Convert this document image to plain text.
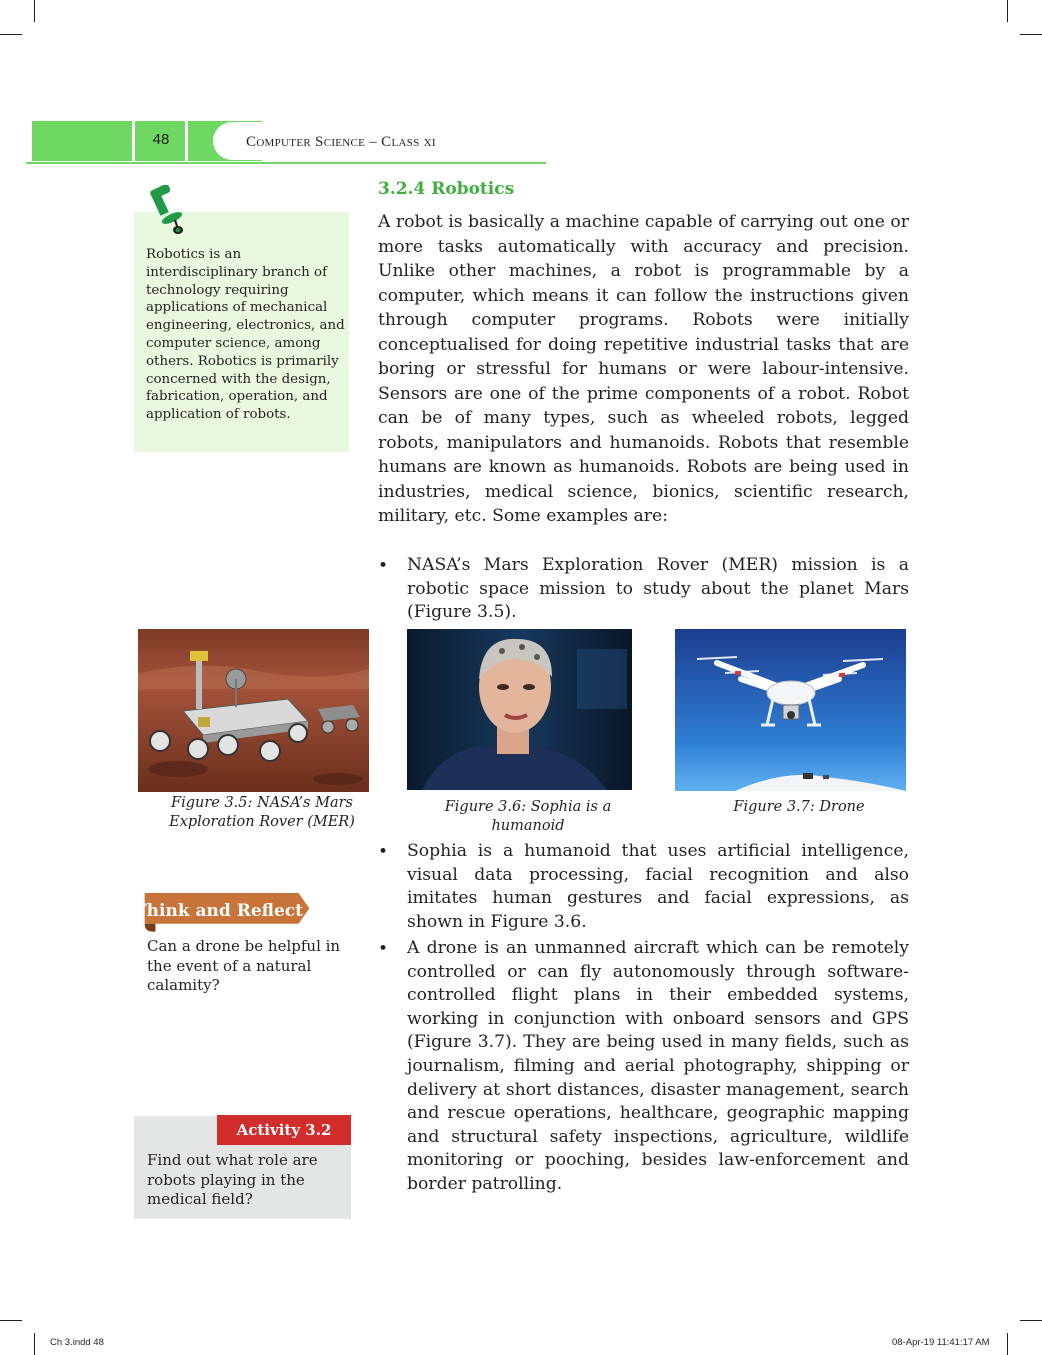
48	Computer Science – Class xi
3.2.4 Robotics

A robot is basically a machine capable of carrying out one or more tasks automatically with accuracy and precision. Unlike other machines, a robot is programmable by a computer, which means it can follow the instructions given through computer programs. Robots were initially conceptualised for doing repetitive industrial tasks that are boring or stressful for humans or were labour-intensive. Sensors are one of the prime components of a robot. Robot can be of many types, such as wheeled robots, legged robots, manipulators and humanoids. Robots that resemble humans are known as humanoids. Robots are being used in industries, medical science, bionics, scientific research, military, etc. Some examples are:

•	NASA’s Mars Exploration Rover (MER) mission is a robotic space mission to study about the planet Mars (Figure 3.5).

Robotics is an interdisciplinary branch of technology requiring applications of mechanical engineering, electronics, and computer science, among others. Robotics is primarily concerned with the design, fabrication, operation, and application of robots.

Figure 3.5: NASA’s Mars
Exploration Rover (MER)
Figure 3.6: Sophia is a
humanoid
Figure 3.7: Drone
•	Sophia is a humanoid that uses artificial intelligence, visual data processing, facial recognition and also imitates human gestures and facial expressions, as shown in Figure 3.6.
•	A drone is an unmanned aircraft which can be remotely controlled or can fly autonomously through software-controlled flight plans in their embedded systems, working in conjunction with onboard sensors and GPS (Figure 3.7). They are being used in many fields, such as journalism, filming and aerial photography, shipping or delivery at short distances, disaster management, search and rescue operations, healthcare, geographic mapping and structural safety inspections, agriculture, wildlife monitoring or pooching, besides law-enforcement and border patrolling.
Think and Reflect

Can a drone be helpful in the event of a natural calamity?

Activity 3.2

Find out what role are robots playing in the medical field?

Ch 3.indd 48	08-Apr-19 11:41:17 AM
